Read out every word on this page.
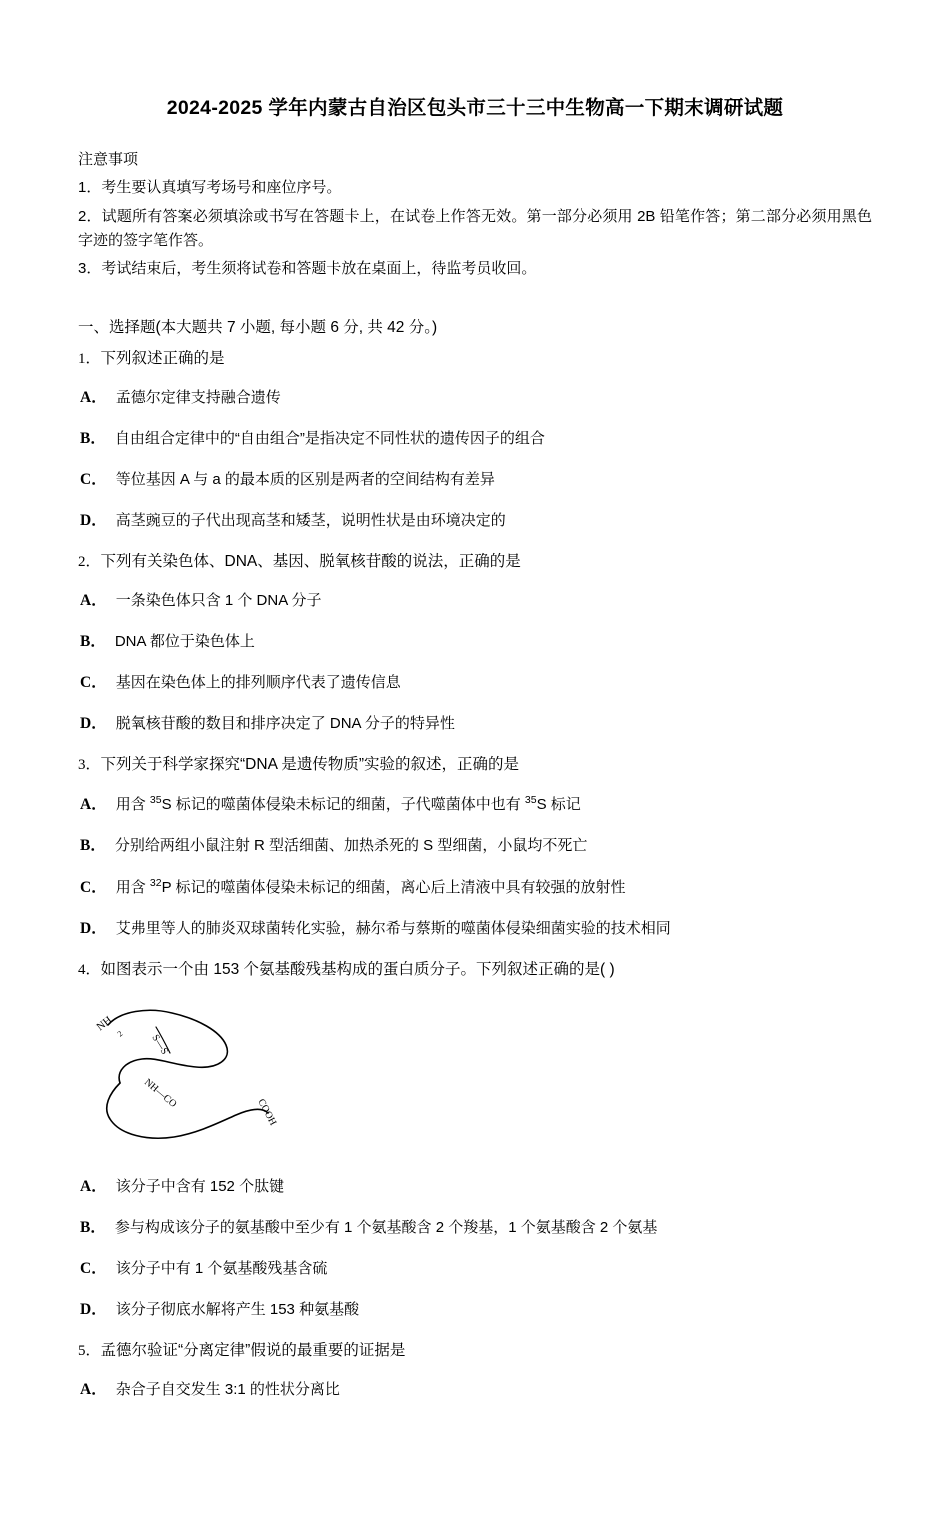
2024-2025 学年内蒙古自治区包头市三十三中生物高一下期末调研试题
注意事项
1．考生要认真填写考场号和座位序号。
2．试题所有答案必须填涂或书写在答题卡上，在试卷上作答无效。第一部分必须用 2B 铅笔作答；第二部分必须用黑色字迹的签字笔作答。
3．考试结束后，考生须将试卷和答题卡放在桌面上，待监考员收回。
一、选择题(本大题共 7 小题, 每小题 6 分, 共 42 分。)
1．下列叙述正确的是
A． 孟德尔定律支持融合遗传
B． 自由组合定律中的“自由组合”是指决定不同性状的遗传因子的组合
C． 等位基因 A 与 a 的最本质的区别是两者的空间结构有差异
D． 高茎豌豆的子代出现高茎和矮茎，说明性状是由环境决定的
2．下列有关染色体、DNA、基因、脱氧核苷酸的说法，正确的是
A． 一条染色体只含 1 个 DNA 分子
B． DNA 都位于染色体上
C． 基因在染色体上的排列顺序代表了遗传信息
D． 脱氧核苷酸的数目和排序决定了 DNA 分子的特异性
3．下列关于科学家探究“DNA 是遗传物质”实验的叙述，正确的是
A． 用含 $^{35}$S 标记的噬菌体侵染未标记的细菌，子代噬菌体中也有 $^{35}$S 标记
B． 分别给两组小鼠注射 R 型活细菌、加热杀死的 S 型细菌，小鼠均不死亡
C． 用含 $^{32}$P 标记的噬菌体侵染未标记的细菌，离心后上清液中具有较强的放射性
D． 艾弗里等人的肺炎双球菌转化实验，赫尔希与蔡斯的噬菌体侵染细菌实验的技术相同
4．如图表示一个由 153 个氨基酸残基构成的蛋白质分子。下列叙述正确的是( )
NH
2	S—S
NH—CO
COOH
A． 该分子中含有 152 个肽键
B． 参与构成该分子的氨基酸中至少有 1 个氨基酸含 2 个羧基，1 个氨基酸含 2 个氨基
C． 该分子中有 1 个氨基酸残基含硫
D． 该分子彻底水解将产生 153 种氨基酸
5．孟德尔验证“分离定律”假说的最重要的证据是
A． 杂合子自交发生 3:1 的性状分离比
